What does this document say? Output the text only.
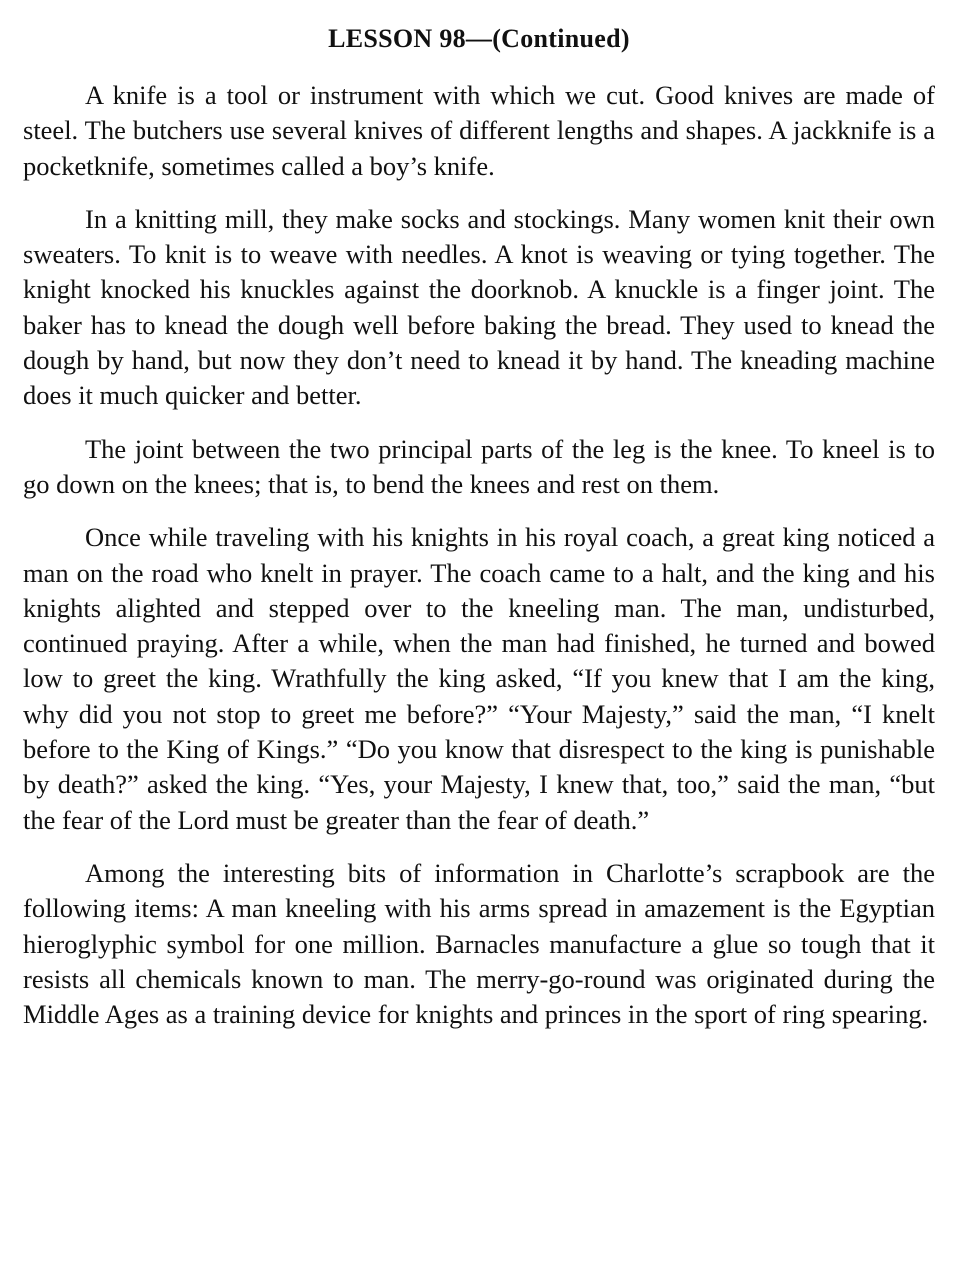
LESSON 98—(Continued)

A knife is a tool or instrument with which we cut. Good knives are made of steel. The butchers use several knives of different lengths and shapes. A jackknife is a pocketknife, sometimes called a boy’s knife.

In a knitting mill, they make socks and stockings. Many women knit their own sweaters. To knit is to weave with needles. A knot is weaving or tying together. The knight knocked his knuckles against the doorknob. A knuckle is a finger joint. The baker has to knead the dough well before baking the bread. They used to knead the dough by hand, but now they don’t need to knead it by hand. The kneading machine does it much quicker and better.

The joint between the two principal parts of the leg is the knee. To kneel is to go down on the knees; that is, to bend the knees and rest on them.

Once while traveling with his knights in his royal coach, a great king noticed a man on the road who knelt in prayer. The coach came to a halt, and the king and his knights alighted and stepped over to the kneeling man. The man, undisturbed, continued praying. After a while, when the man had finished, he turned and bowed low to greet the king. Wrathfully the king asked, “If you knew that I am the king, why did you not stop to greet me before?” “Your Majesty,” said the man, “I knelt before to the King of Kings.” “Do you know that disrespect to the king is punishable by death?” asked the king. “Yes, your Majesty, I knew that, too,” said the man, “but the fear of the Lord must be greater than the fear of death.”

Among the interesting bits of information in Charlotte’s scrapbook are the following items: A man kneeling with his arms spread in amazement is the Egyptian hieroglyphic symbol for one million. Barnacles manufacture a glue so tough that it resists all chemicals known to man. The merry-go-round was originated during the Middle Ages as a training device for knights and princes in the sport of ring spearing.
